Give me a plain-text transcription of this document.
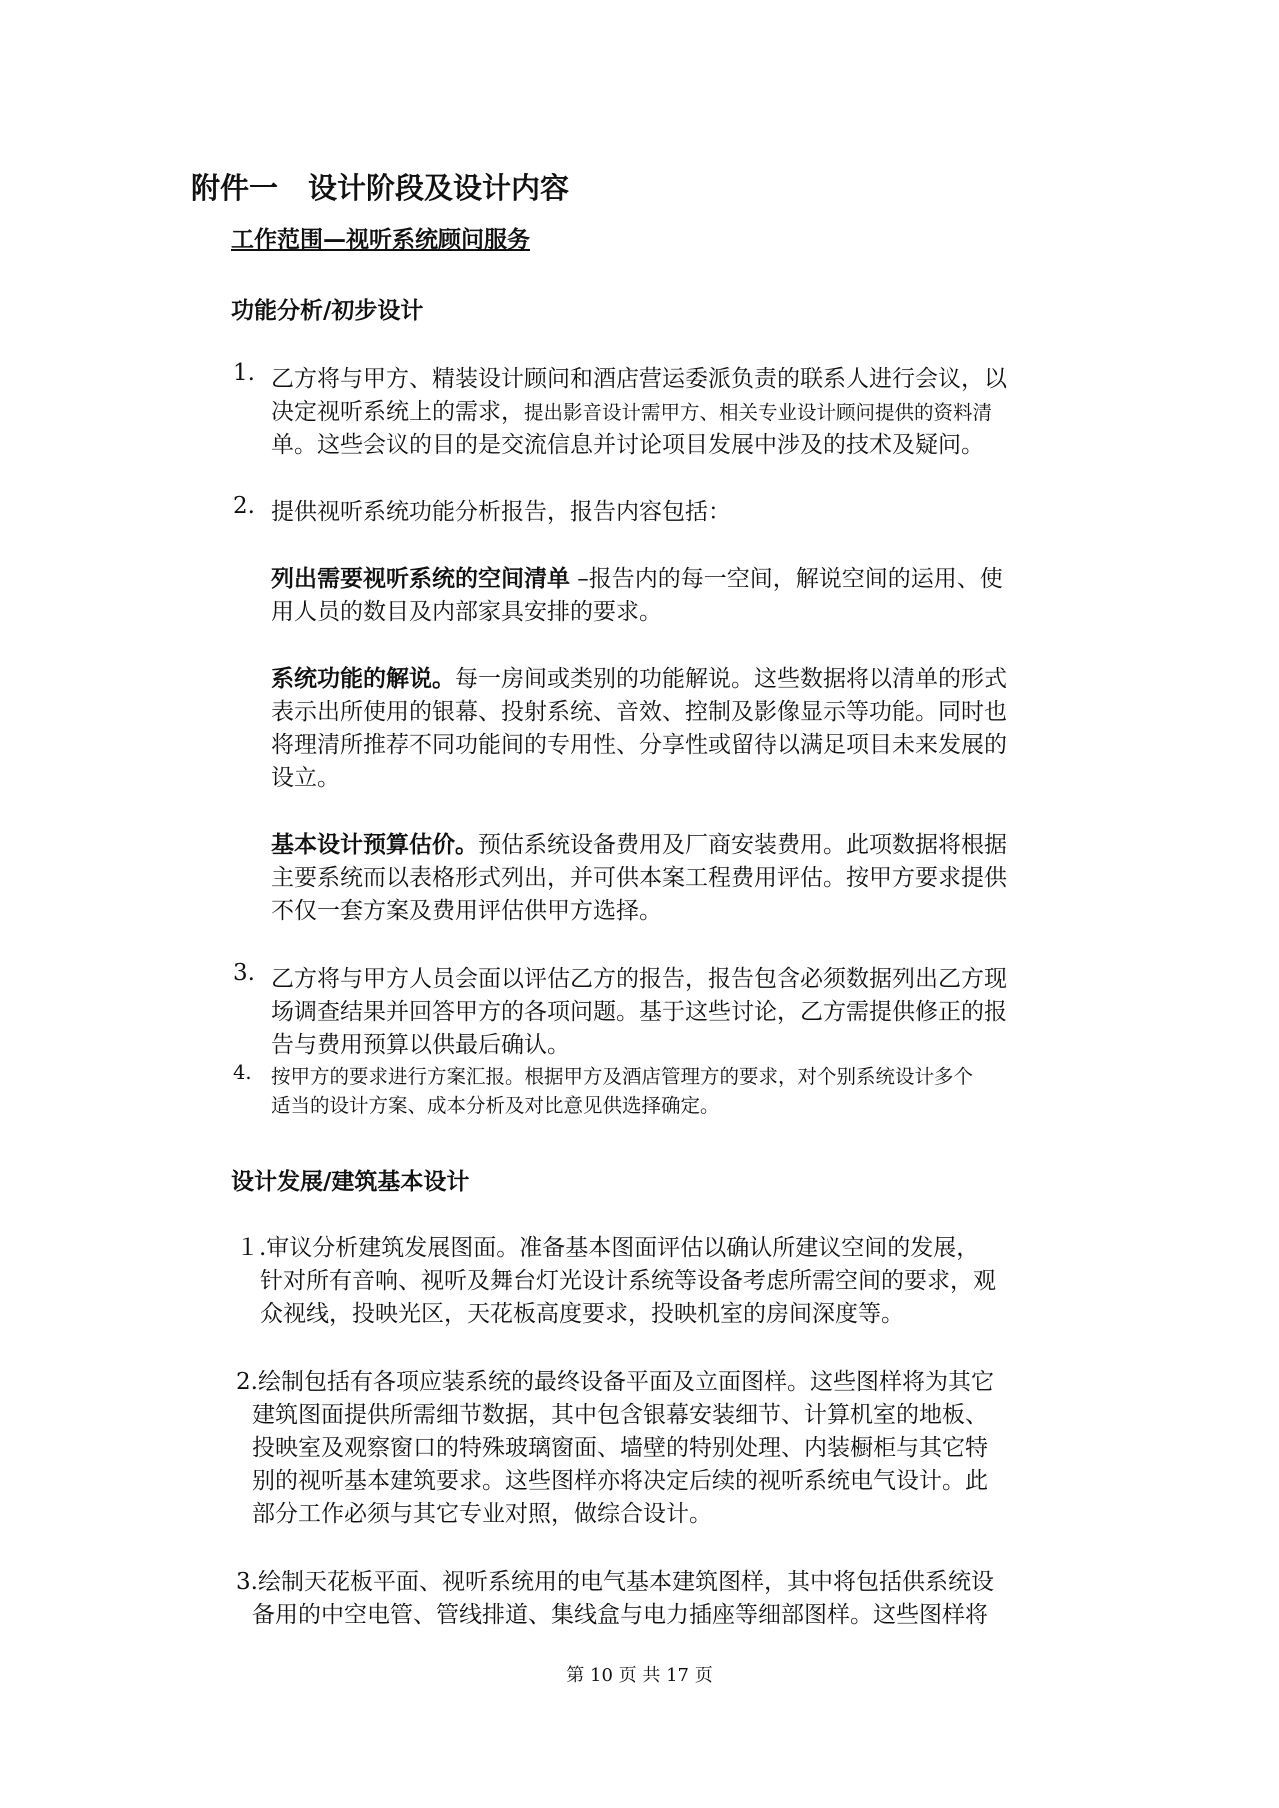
附件一 设计阶段及设计内容
工作范围—视听系统顾问服务
功能分析/初步设计
1. 乙方将与甲方、精装设计顾问和酒店营运委派负责的联系人进行会议，以
决定视听系统上的需求，提出影音设计需甲方、相关专业设计顾问提供的资料清
单。这些会议的目的是交流信息并讨论项目发展中涉及的技术及疑问。
2. 提供视听系统功能分析报告，报告内容包括：
列出需要视听系统的空间清单 –报告内的每一空间，解说空间的运用、使
用人员的数目及内部家具安排的要求。
系统功能的解说。每一房间或类别的功能解说。这些数据将以清单的形式
表示出所使用的银幕、投射系统、音效、控制及影像显示等功能。同时也
将理清所推荐不同功能间的专用性、分享性或留待以满足项目未来发展的
设立。
基本设计预算估价。预估系统设备费用及厂商安装费用。此项数据将根据
主要系统而以表格形式列出，并可供本案工程费用评估。按甲方要求提供
不仅一套方案及费用评估供甲方选择。
3. 乙方将与甲方人员会面以评估乙方的报告，报告包含必须数据列出乙方现
场调查结果并回答甲方的各项问题。基于这些讨论，乙方需提供修正的报
告与费用预算以供最后确认。
4. 按甲方的要求进行方案汇报。根据甲方及酒店管理方的要求，对个别系统设计多个
适当的设计方案、成本分析及对比意见供选择确定。
设计发展/建筑基本设计
１.审议分析建筑发展图面。准备基本图面评估以确认所建议空间的发展，
针对所有音响、视听及舞台灯光设计系统等设备考虑所需空间的要求，观
众视线，投映光区，天花板高度要求，投映机室的房间深度等。
2.绘制包括有各项应装系统的最终设备平面及立面图样。这些图样将为其它
建筑图面提供所需细节数据，其中包含银幕安装细节、计算机室的地板、
投映室及观察窗口的特殊玻璃窗面、墙壁的特别处理、内装橱柜与其它特
别的视听基本建筑要求。这些图样亦将决定后续的视听系统电气设计。此
部分工作必须与其它专业对照，做综合设计。
3.绘制天花板平面、视听系统用的电气基本建筑图样，其中将包括供系统设
备用的中空电管、管线排道、集线盒与电力插座等细部图样。这些图样将
第 10 页 共 17 页
